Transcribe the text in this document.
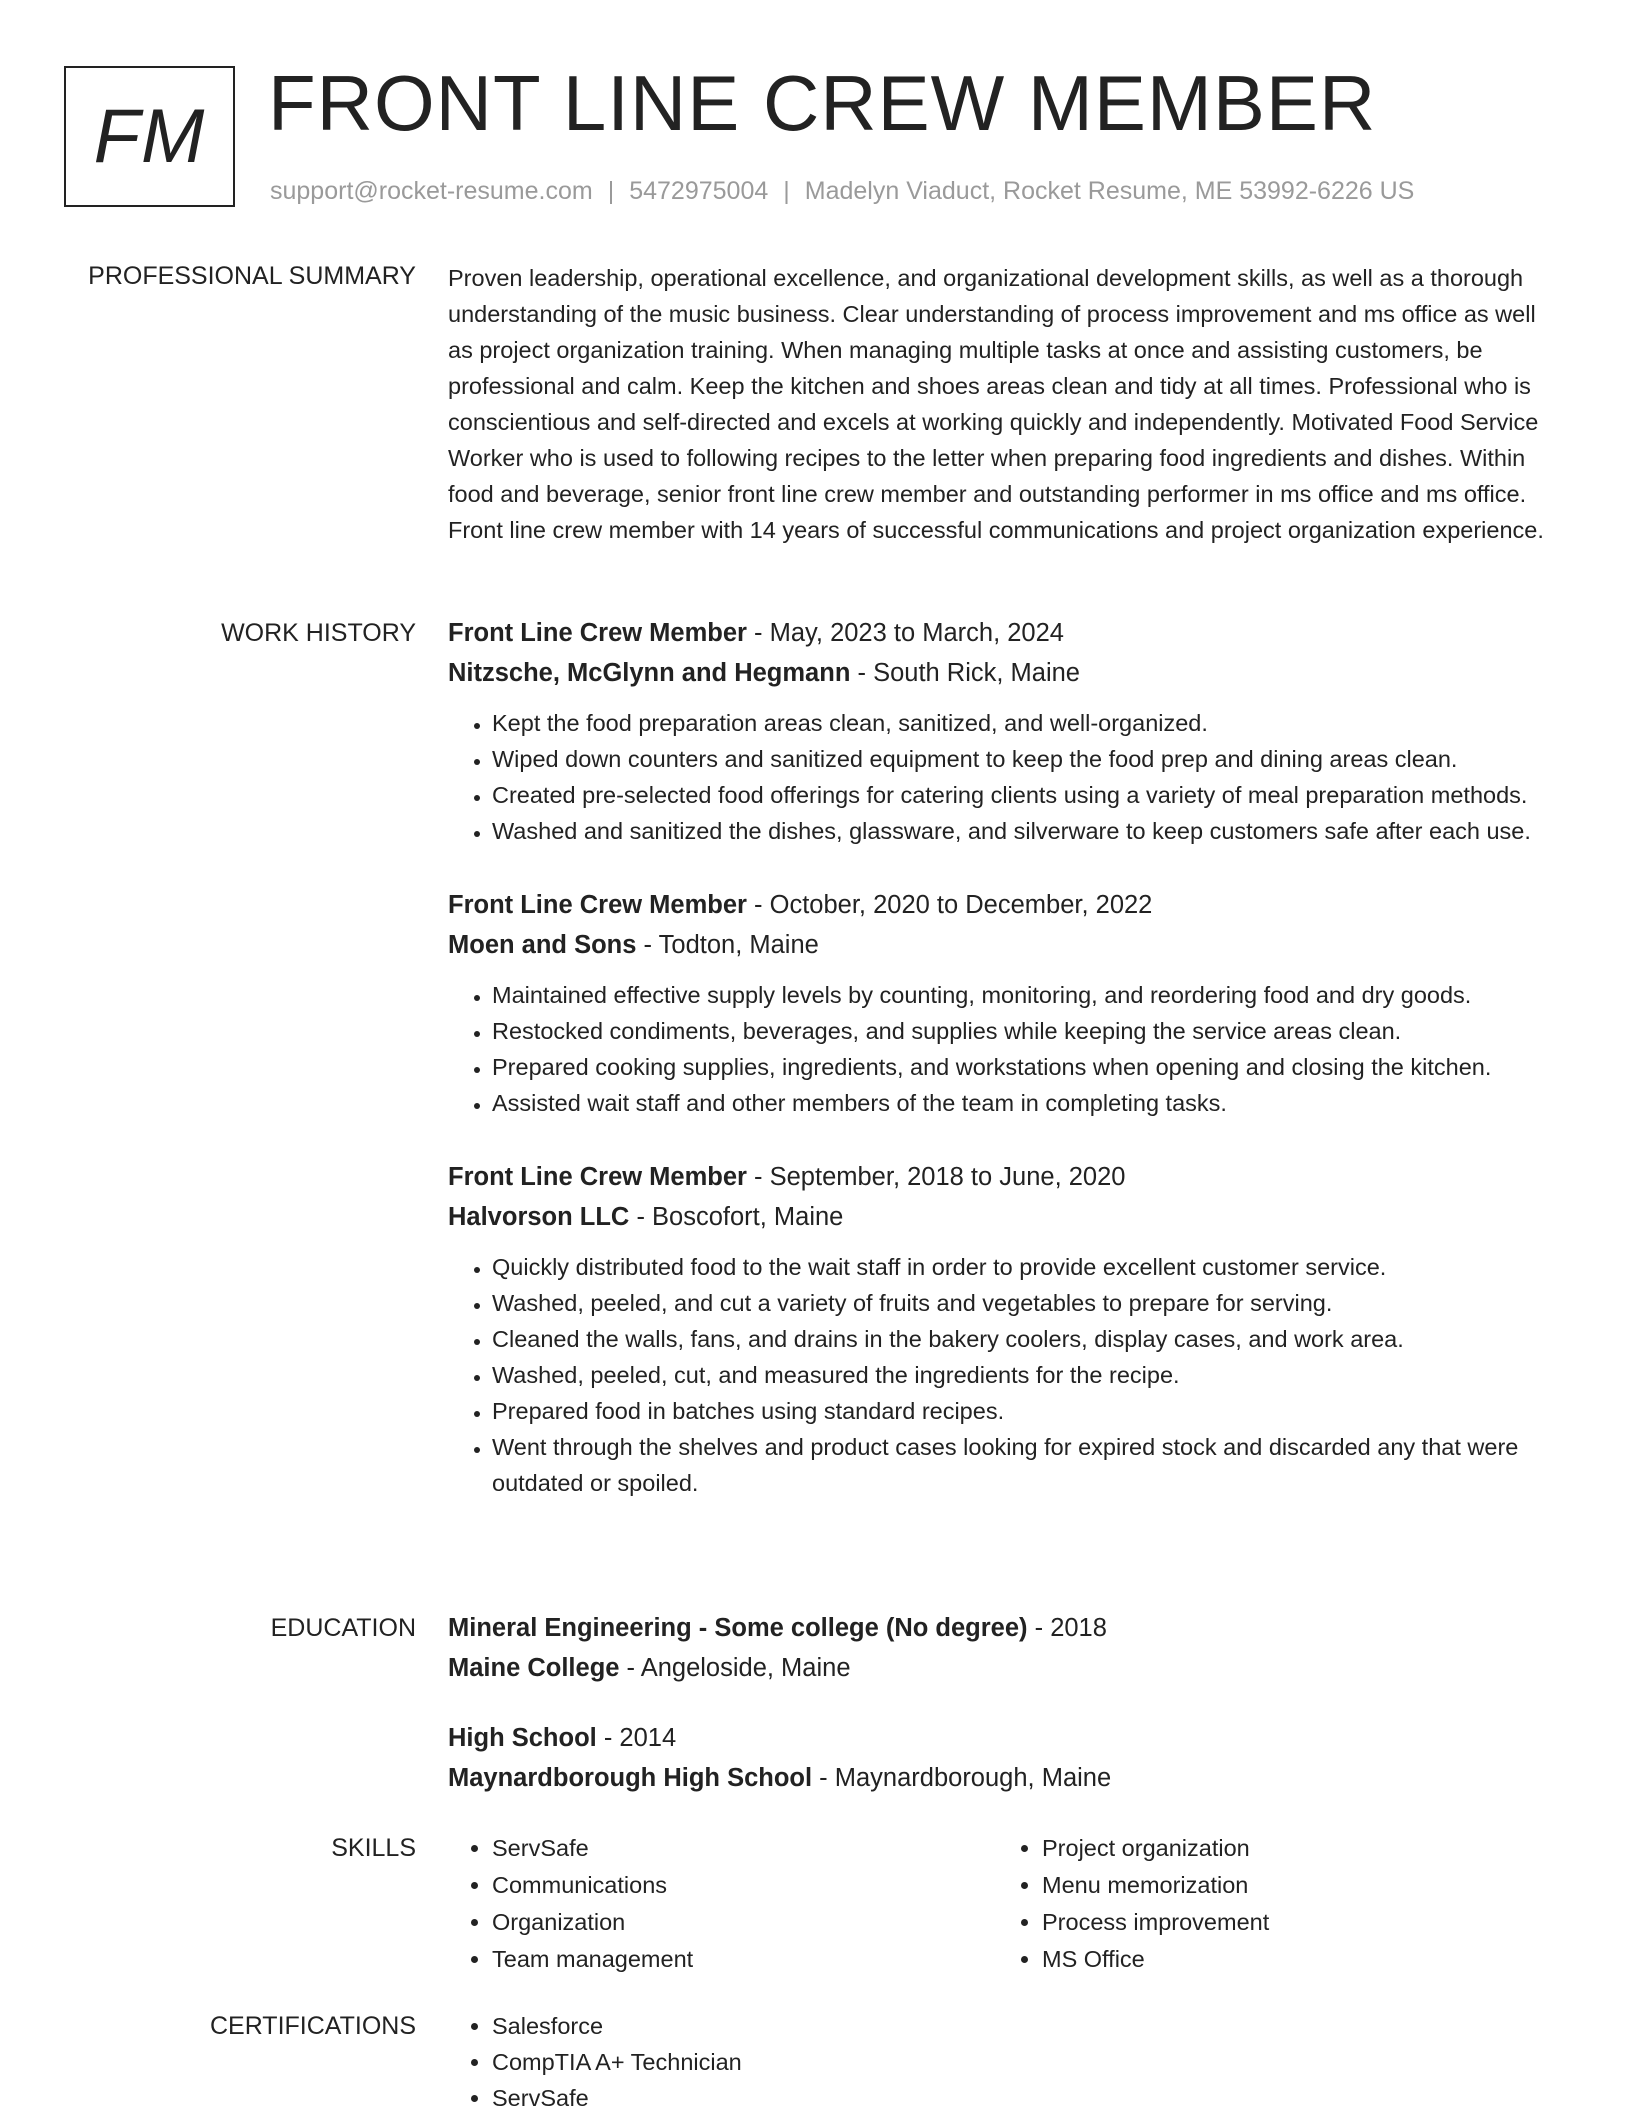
FM FRONT LINE CREW MEMBER
support@rocket-resume.com | 5472975004 | Madelyn Viaduct, Rocket Resume, ME 53992-6226 US
PROFESSIONAL SUMMARY Proven leadership, operational excellence, and organizational development skills, as well as a thorough understanding of the music business. Clear understanding of process improvement and ms office as well as project organization training. When managing multiple tasks at once and assisting customers, be professional and calm. Keep the kitchen and shoes areas clean and tidy at all times. Professional who is conscientious and self-directed and excels at working quickly and independently. Motivated Food Service Worker who is used to following recipes to the letter when preparing food ingredients and dishes. Within food and beverage, senior front line crew member and outstanding performer in ms office and ms office. Front line crew member with 14 years of successful communications and project organization experience.

WORK HISTORY Front Line Crew Member - May, 2023 to March, 2024
Nitzsche, McGlynn and Hegmann - South Rick, Maine
• Kept the food preparation areas clean, sanitized, and well-organized.
• Wiped down counters and sanitized equipment to keep the food prep and dining areas clean.
• Created pre-selected food offerings for catering clients using a variety of meal preparation methods.
• Washed and sanitized the dishes, glassware, and silverware to keep customers safe after each use.
Front Line Crew Member - October, 2020 to December, 2022
Moen and Sons - Todton, Maine
• Maintained effective supply levels by counting, monitoring, and reordering food and dry goods.
• Restocked condiments, beverages, and supplies while keeping the service areas clean.
• Prepared cooking supplies, ingredients, and workstations when opening and closing the kitchen.
• Assisted wait staff and other members of the team in completing tasks.
Front Line Crew Member - September, 2018 to June, 2020
Halvorson LLC - Boscofort, Maine
• Quickly distributed food to the wait staff in order to provide excellent customer service.
• Washed, peeled, and cut a variety of fruits and vegetables to prepare for serving.
• Cleaned the walls, fans, and drains in the bakery coolers, display cases, and work area.
• Washed, peeled, cut, and measured the ingredients for the recipe.
• Prepared food in batches using standard recipes.
• Went through the shelves and product cases looking for expired stock and discarded any that were outdated or spoiled.
EDUCATION Mineral Engineering - Some college (No degree) - 2018
Maine College - Angeloside, Maine
High School - 2014
Maynardborough High School - Maynardborough, Maine
SKILLS	• ServSafe
• Communications
• Organization
• Team management
• Project organization
• Menu memorization
• Process improvement
• MS Office
CERTIFICATIONS	• Salesforce
• CompTIA A+ Technician
• ServSafe
